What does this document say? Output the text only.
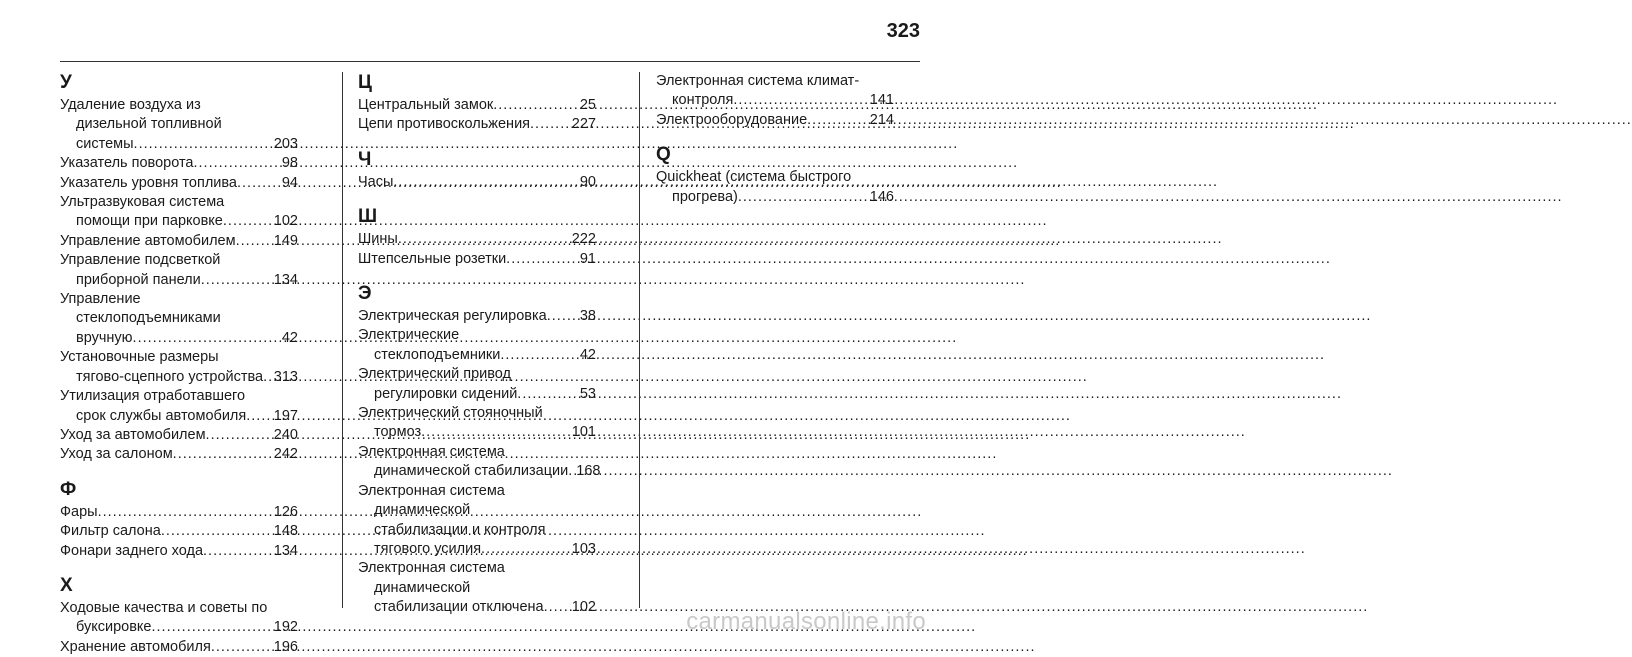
323
У
Удаление воздуха из
дизельной топливной
системы .....	203
Указатель поворота .....	98
Указатель уровня топлива .....	94
Ультразвуковая система
помощи при парковке .....	102
Управление автомобилем .....	149
Управление подсветкой
приборной панели .....	134
Управление
стеклоподъемниками
вручную .....	42
Установочные размеры
тягово-сцепного устройства ..... 313
Утилизация отработавшего
срок службы автомобиля ..... 197
Уход за автомобилем .....	240
Уход за салоном .....	242
Ф
Фары .....	126
Фильтр салона .....	148
Фонари заднего хода .....	134
Х
Ходовые качества и советы по
буксировке .....	192
Хранение автомобиля .....	196
Ц
Центральный замок .....	25
Цепи противоскольжения .....	227
Ч
Часы .....	90
Ш
Шины .....	222
Штепсельные розетки .....	91
Э
Электрическая регулировка ..... 38
Электрические
стеклоподъемники .....	42
Электрический привод
регулировки сидений .....	53
Электрический стояночный
тормоз .....	101
Электронная система
динамической стабилизации ..... 168
Электронная система
динамической
стабилизации и контроля
тягового усилия .....	103
Электронная система
динамической
стабилизации отключена ..... 102
Электронная система климат-
контроля .....	141
Электрооборудование .....	214
Q
Quickheat (система быстрого
прогрева) .....	146
carmanualsonline.info
